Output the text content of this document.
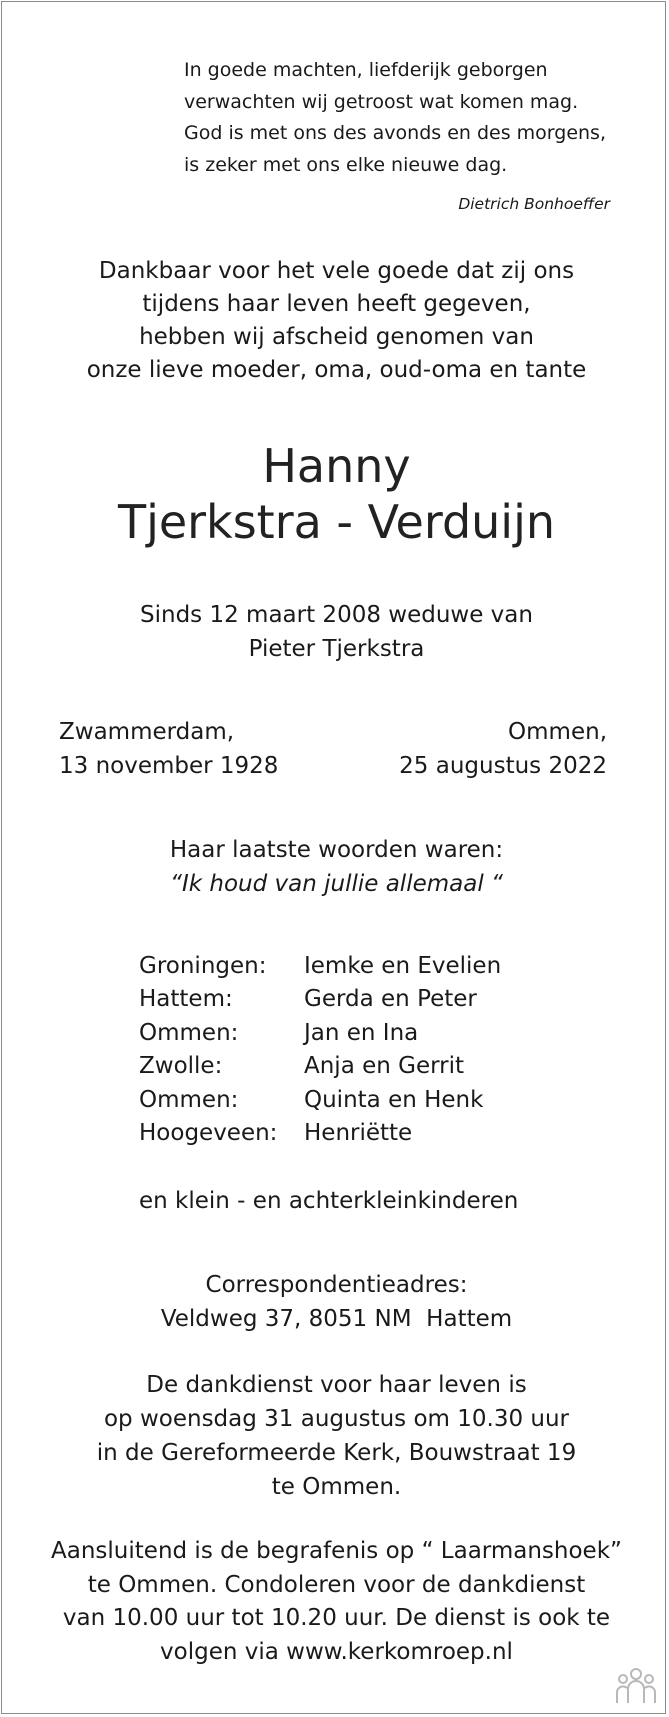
In goede machten, liefderijk geborgen
verwachten wij getroost wat komen mag.
God is met ons des avonds en des morgens,
is zeker met ons elke nieuwe dag.
Dietrich Bonhoeffer
Dankbaar voor het vele goede dat zij ons
tijdens haar leven heeft gegeven,
hebben wij afscheid genomen van
onze lieve moeder, oma, oud-oma en tante
Hanny
Tjerkstra - Verduijn
Sinds 12 maart 2008 weduwe van
Pieter Tjerkstra
Zwammerdam,
13 november 1928
Ommen,
25 augustus 2022
Haar laatste woorden waren:
“Ik houd van jullie allemaal “
Groningen:	Iemke en Evelien
Hattem:	Gerda en Peter
Ommen:	Jan en Ina
Zwolle:	Anja en Gerrit
Ommen:	Quinta en Henk
Hoogeveen:	Henriëtte
en klein - en achterkleinkinderen
Correspondentieadres:
Veldweg 37, 8051 NM  Hattem
De dankdienst voor haar leven is
op woensdag 31 augustus om 10.30 uur
in de Gereformeerde Kerk, Bouwstraat 19
te Ommen.
Aansluitend is de begrafenis op “ Laarmanshoek”
te Ommen. Condoleren voor de dankdienst
van 10.00 uur tot 10.20 uur. De dienst is ook te
volgen via www.kerkomroep.nl
